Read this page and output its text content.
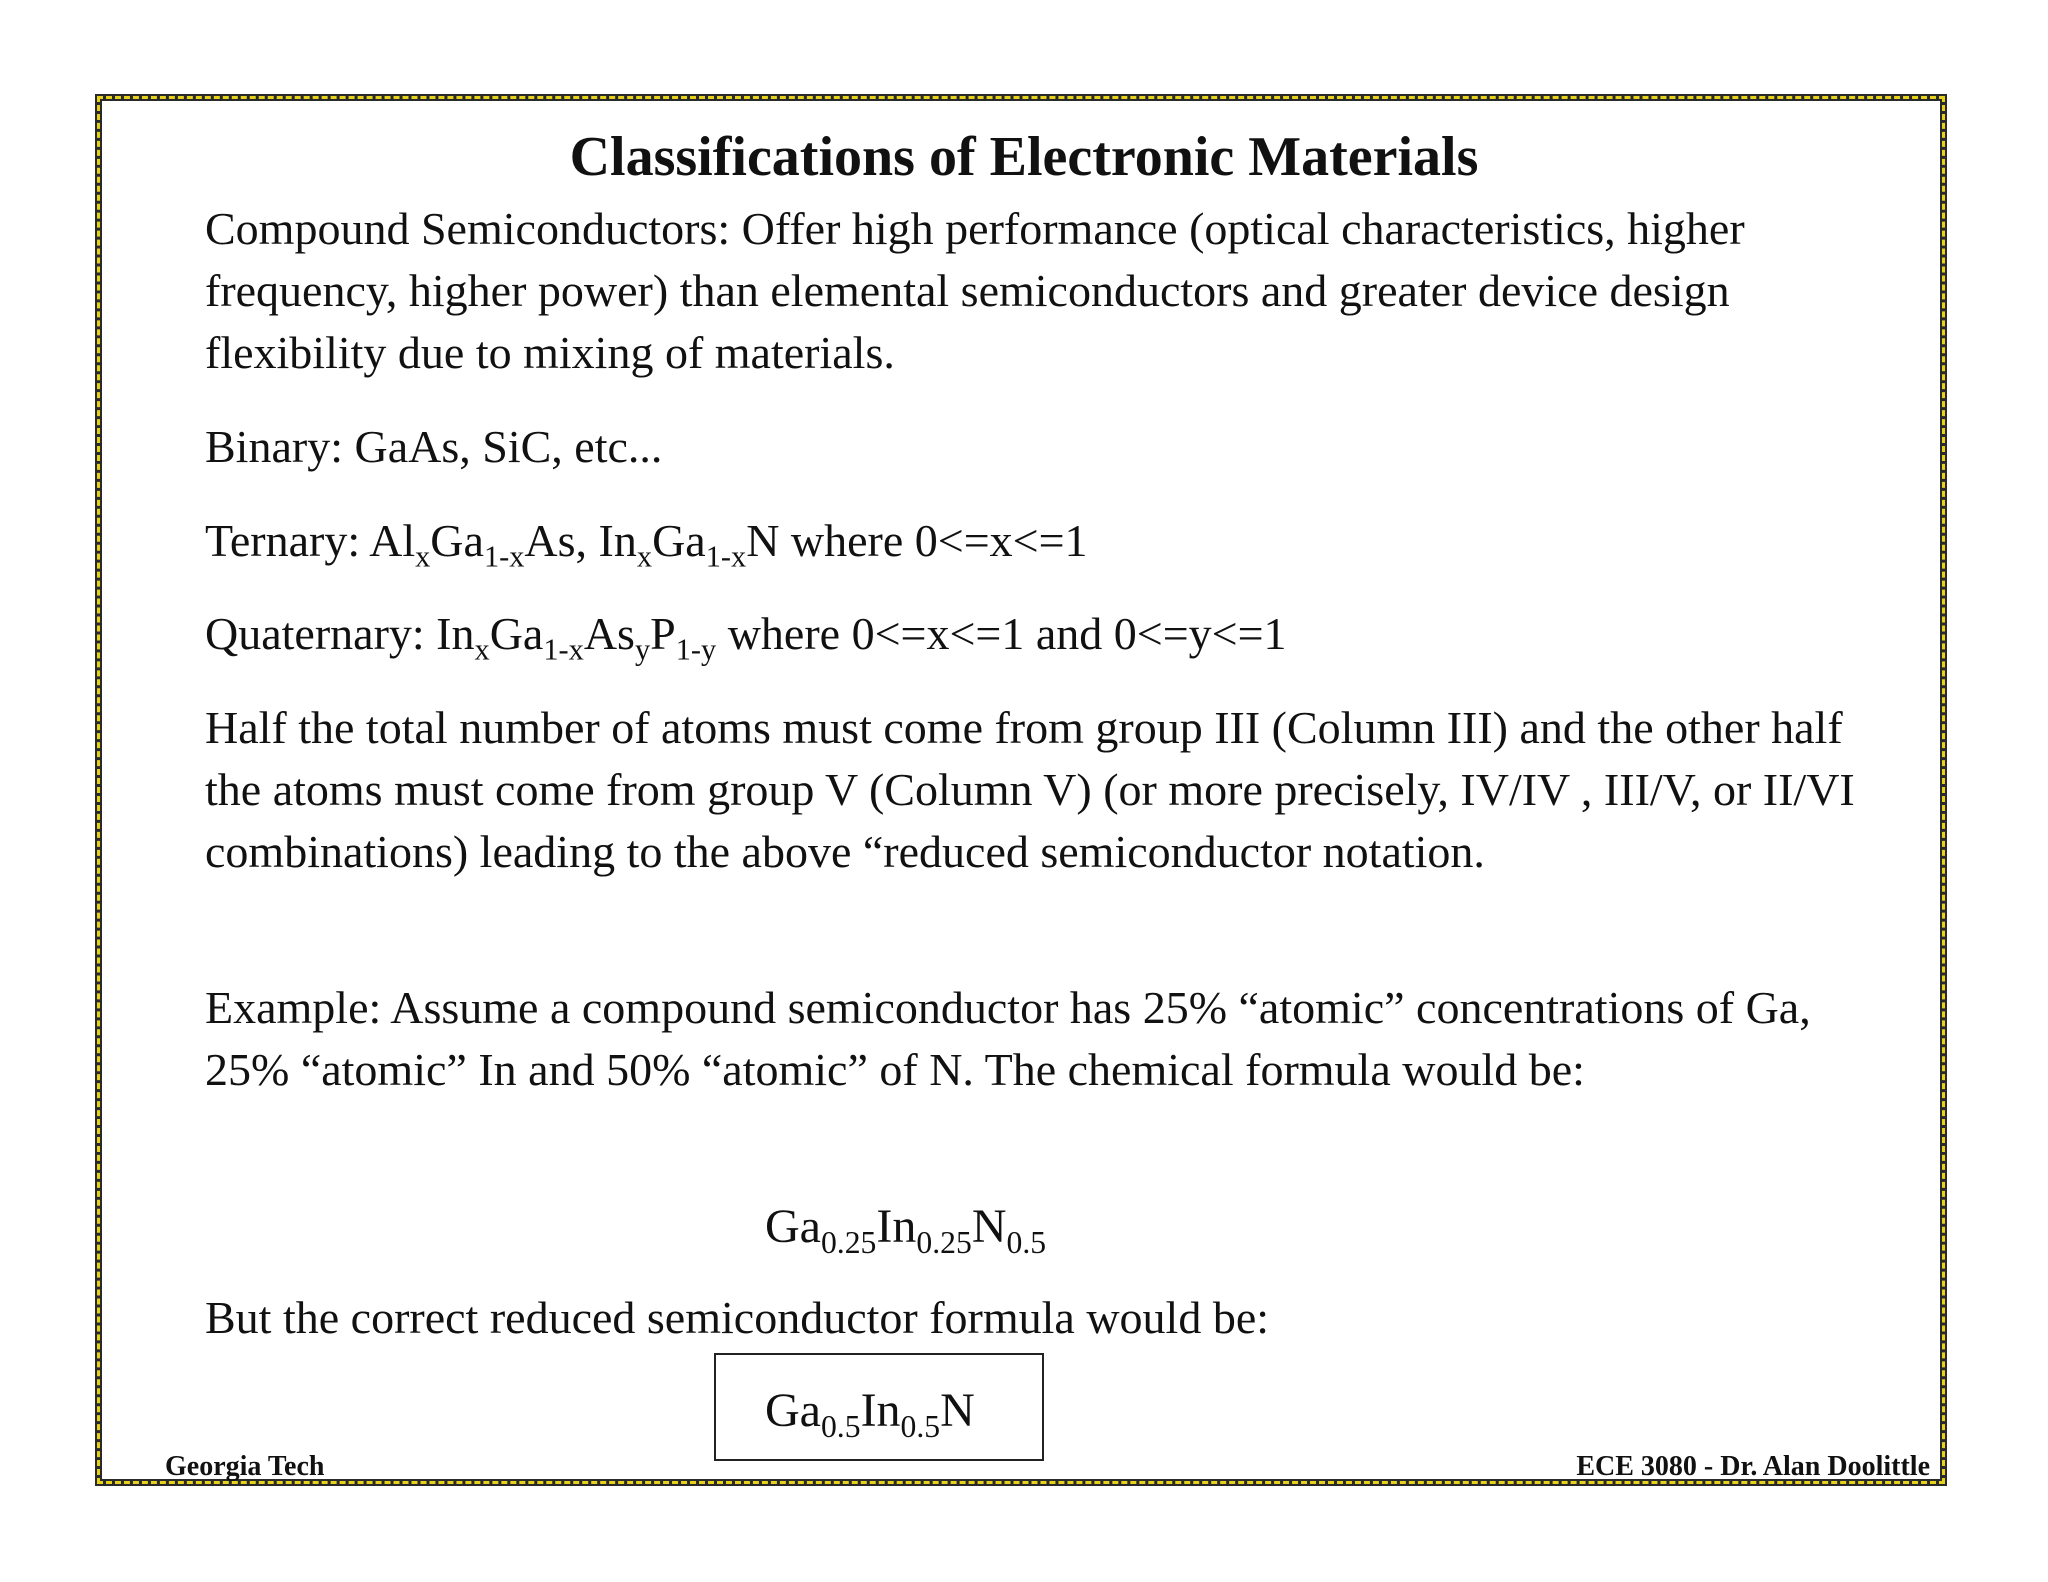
Classifications of Electronic Materials

Compound Semiconductors: Offer high performance (optical characteristics, higher frequency, higher power) than elemental semiconductors and greater device design flexibility due to mixing of materials.

Binary: GaAs, SiC, etc...

Ternary: $Al_xGa_{1-x}As$, $In_xGa_{1-x}N$ where 0<=x<=1

Quaternary: $In_xGa_{1-x}As_yP_{1-y}$ where 0<=x<=1 and 0<=y<=1

Half the total number of atoms must come from group III (Column III) and the other half the atoms must come from group V (Column V) (or more precisely, IV/IV , III/V, or II/VI combinations) leading to the above “reduced semiconductor notation.

Example: Assume a compound semiconductor has 25% “atomic” concentrations of Ga, 25% “atomic” In and 50% “atomic” of N. The chemical formula would be:

$Ga_{0.25}In_{0.25}N_{0.5}$

But the correct reduced semiconductor formula would be:

$Ga_{0.5}In_{0.5}N$
Georgia Tech	ECE 3080 - Dr. Alan Doolittle
